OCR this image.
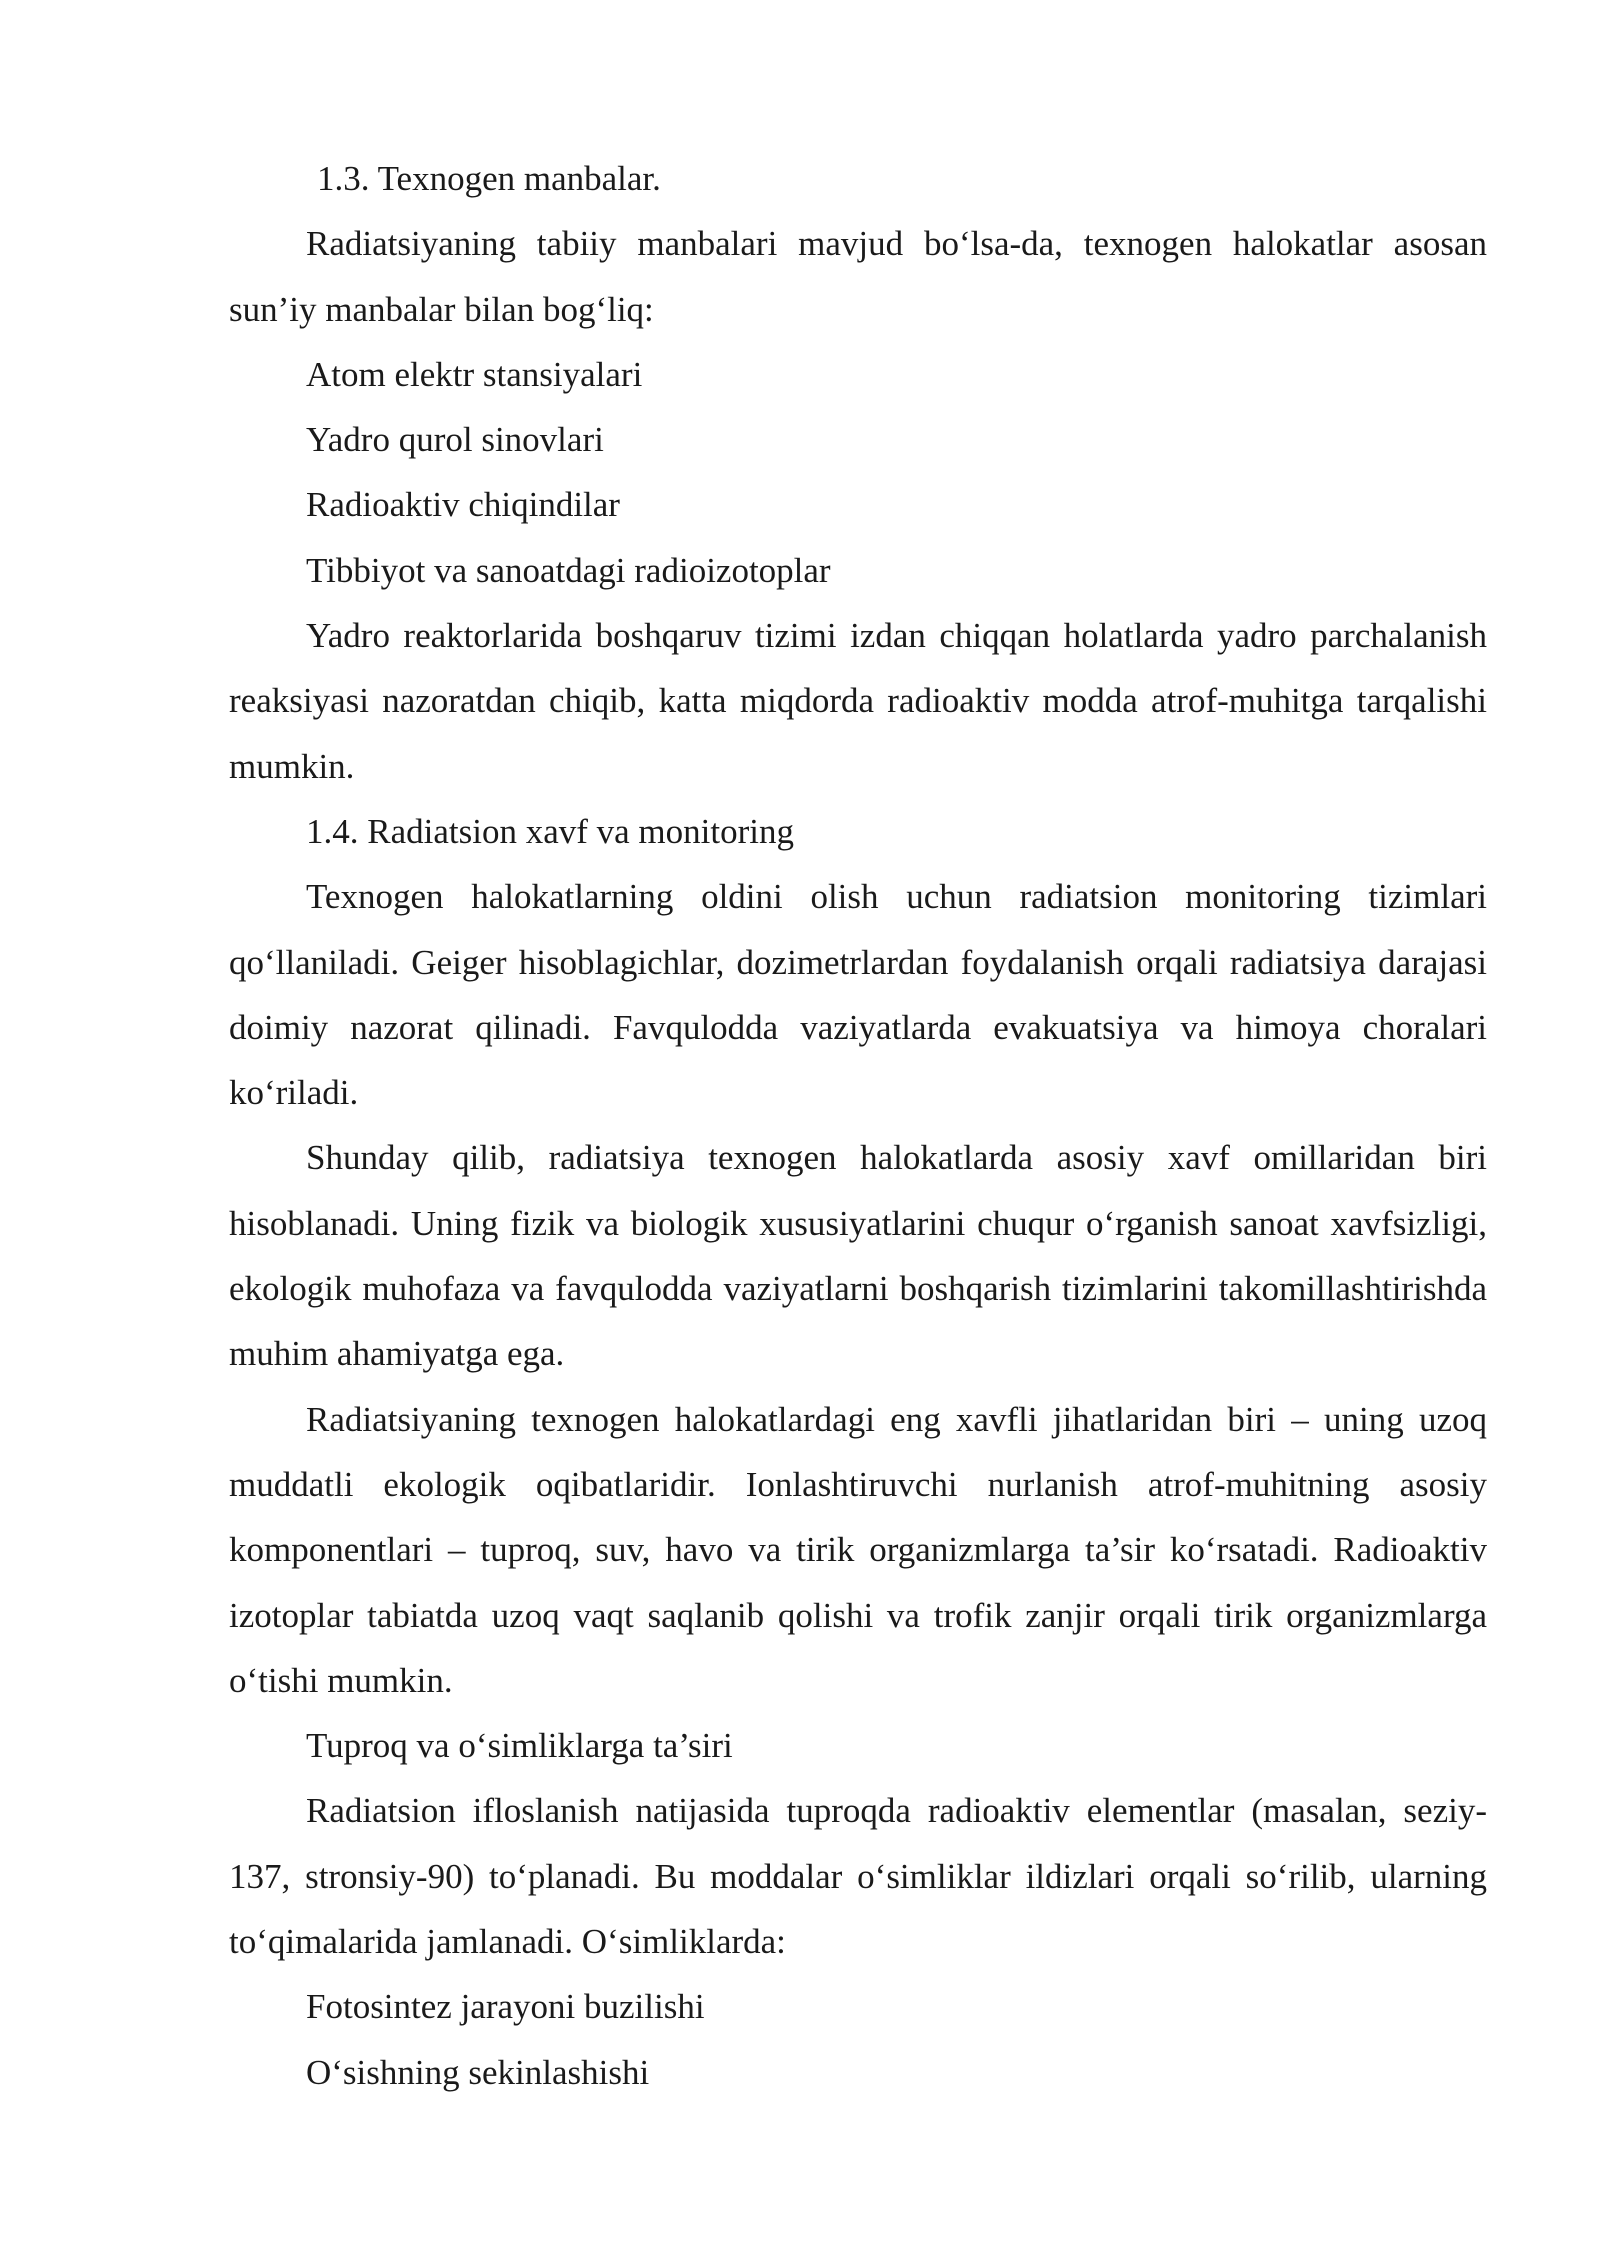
1.3. Texnogen manbalar.

Radiatsiyaning tabiiy manbalari mavjud bo‘lsa-da, texnogen halokatlar asosan sun’iy manbalar bilan bog‘liq:

Atom elektr stansiyalari

Yadro qurol sinovlari

Radioaktiv chiqindilar

Tibbiyot va sanoatdagi radioizotoplar

Yadro reaktorlarida boshqaruv tizimi izdan chiqqan holatlarda yadro parchalanish reaksiyasi nazoratdan chiqib, katta miqdorda radioaktiv modda atrof-muhitga tarqalishi mumkin.

1.4. Radiatsion xavf va monitoring

Texnogen halokatlarning oldini olish uchun radiatsion monitoring tizimlari qo‘llaniladi. Geiger hisoblagichlar, dozimetrlardan foydalanish orqali radiatsiya darajasi doimiy nazorat qilinadi. Favqulodda vaziyatlarda evakuatsiya va himoya choralari ko‘riladi.

Shunday qilib, radiatsiya texnogen halokatlarda asosiy xavf omillaridan biri hisoblanadi. Uning fizik va biologik xususiyatlarini chuqur o‘rganish sanoat xavfsizligi, ekologik muhofaza va favqulodda vaziyatlarni boshqarish tizimlarini takomillashtirishda muhim ahamiyatga ega.

Radiatsiyaning texnogen halokatlardagi eng xavfli jihatlaridan biri – uning uzoq muddatli ekologik oqibatlaridir. Ionlashtiruvchi nurlanish atrof-muhitning asosiy komponentlari – tuproq, suv, havo va tirik organizmlarga ta’sir ko‘rsatadi. Radioaktiv izotoplar tabiatda uzoq vaqt saqlanib qolishi va trofik zanjir orqali tirik organizmlarga o‘tishi mumkin.

Tuproq va o‘simliklarga ta’siri

Radiatsion ifloslanish natijasida tuproqda radioaktiv elementlar (masalan, seziy-137, stronsiy-90) to‘planadi. Bu moddalar o‘simliklar ildizlari orqali so‘rilib, ularning to‘qimalarida jamlanadi. O‘simliklarda:

Fotosintez jarayoni buzilishi

O‘sishning sekinlashishi
